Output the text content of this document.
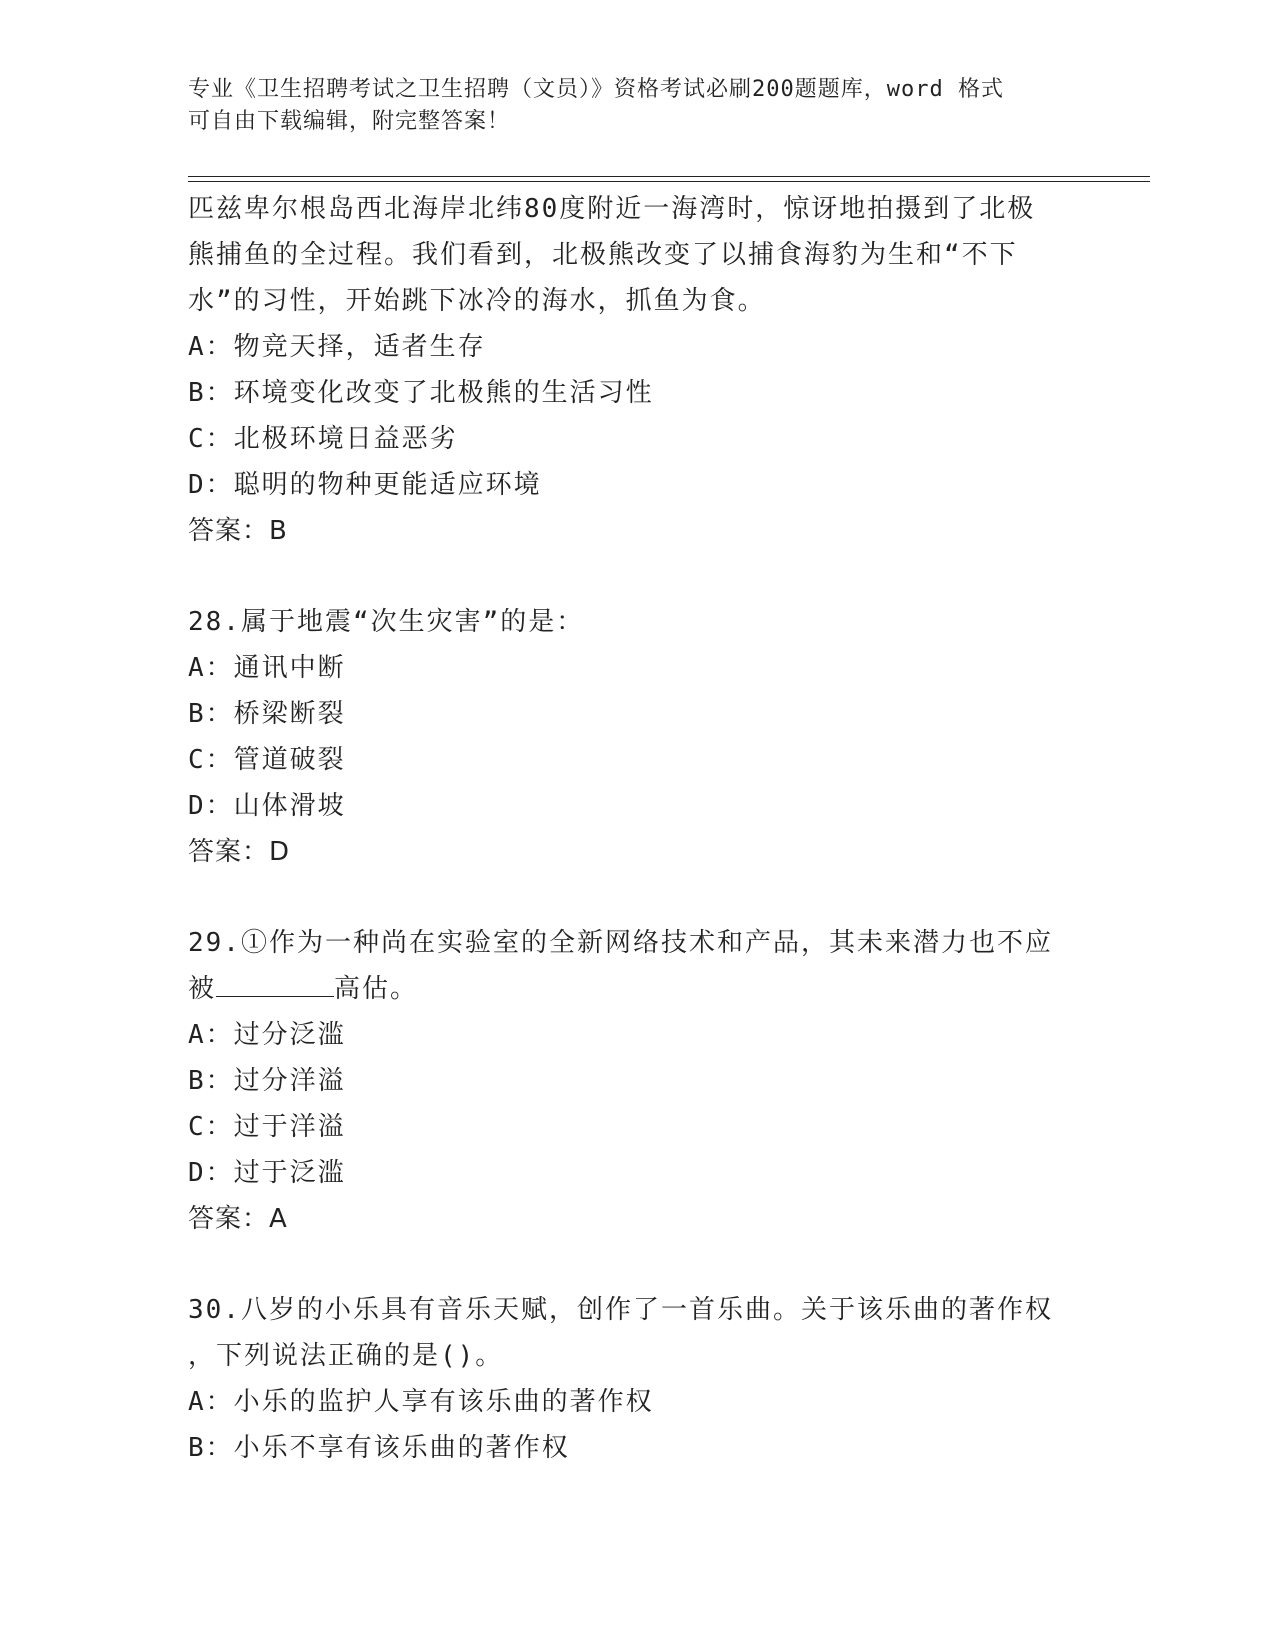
专业《卫生招聘考试之卫生招聘（文员）》资格考试必刷200题题库，word 格式
可自由下载编辑，附完整答案！
匹兹卑尔根岛西北海岸北纬80度附近一海湾时，惊讶地拍摄到了北极
熊捕鱼的全过程。我们看到，北极熊改变了以捕食海豹为生和“不下
水”的习性，开始跳下冰冷的海水，抓鱼为食。
A：物竞天择，适者生存
B：环境变化改变了北极熊的生活习性
C：北极环境日益恶劣
D：聪明的物种更能适应环境
答案：B
28.属于地震“次生灾害”的是：
A：通讯中断
B：桥梁断裂
C：管道破裂
D：山体滑坡
答案：D
29.①作为一种尚在实验室的全新网络技术和产品，其未来潜力也不应
被	高估。
A：过分泛滥
B：过分洋溢
C：过于洋溢
D：过于泛滥
答案：A
30.八岁的小乐具有音乐天赋，创作了一首乐曲。关于该乐曲的著作权
，下列说法正确的是()。
A：小乐的监护人享有该乐曲的著作权
B：小乐不享有该乐曲的著作权
